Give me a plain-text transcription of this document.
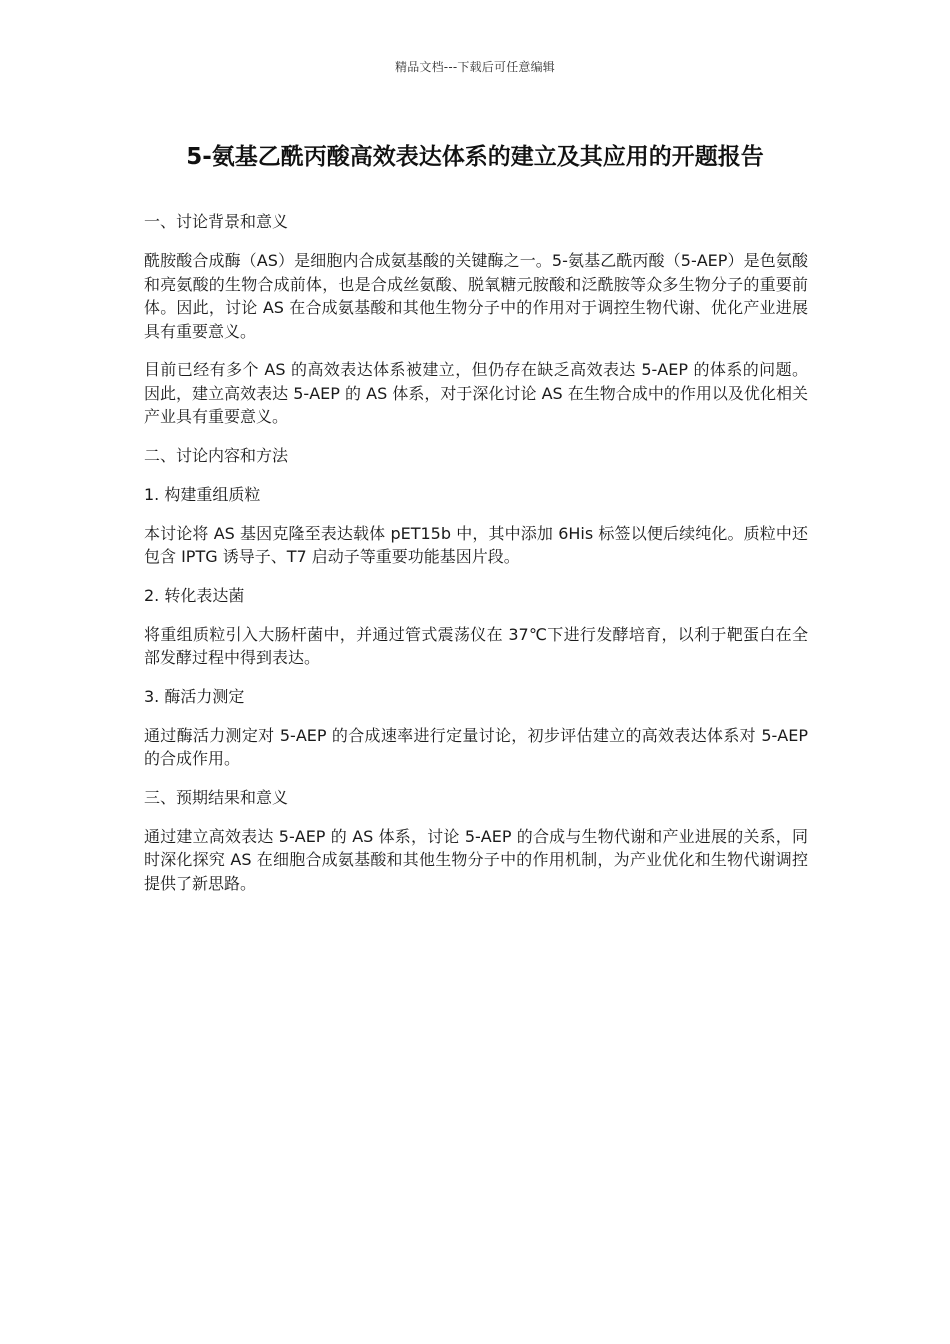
精品文档---下载后可任意编辑
5-氨基乙酰丙酸高效表达体系的建立及其应用的开题报告

一、讨论背景和意义

酰胺酸合成酶（AS）是细胞内合成氨基酸的关键酶之一。5-氨基乙酰丙酸（5-AEP）是色氨酸和亮氨酸的生物合成前体，也是合成丝氨酸、脱氧糖元胺酸和泛酰胺等众多生物分子的重要前体。因此，讨论 AS 在合成氨基酸和其他生物分子中的作用对于调控生物代谢、优化产业进展具有重要意义。

目前已经有多个 AS 的高效表达体系被建立，但仍存在缺乏高效表达 5-AEP 的体系的问题。因此，建立高效表达 5-AEP 的 AS 体系，对于深化讨论 AS 在生物合成中的作用以及优化相关产业具有重要意义。

二、讨论内容和方法

1. 构建重组质粒

本讨论将 AS 基因克隆至表达载体 pET15b 中，其中添加 6His 标签以便后续纯化。质粒中还包含 IPTG 诱导子、T7 启动子等重要功能基因片段。

2. 转化表达菌

将重组质粒引入大肠杆菌中，并通过管式震荡仪在 37℃下进行发酵培育，以利于靶蛋白在全部发酵过程中得到表达。

3. 酶活力测定

通过酶活力测定对 5-AEP 的合成速率进行定量讨论，初步评估建立的高效表达体系对 5-AEP 的合成作用。

三、预期结果和意义

通过建立高效表达 5-AEP 的 AS 体系，讨论 5-AEP 的合成与生物代谢和产业进展的关系，同时深化探究 AS 在细胞合成氨基酸和其他生物分子中的作用机制，为产业优化和生物代谢调控提供了新思路。
